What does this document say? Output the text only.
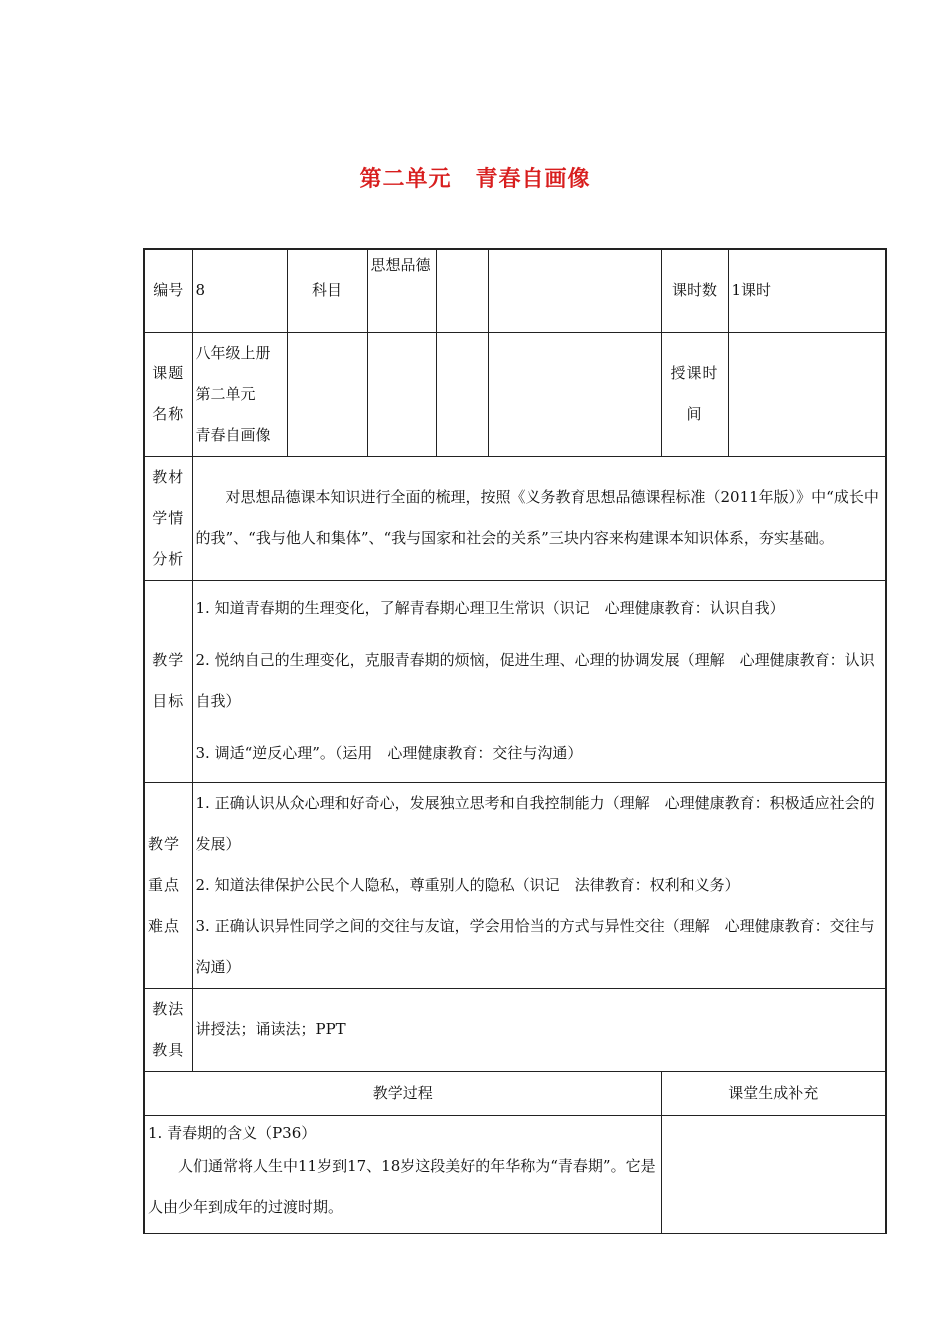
第二单元 青春自画像
编号	8	科目	思想品德			课时数	1课时

课题
名称	八年级上册
第二单元
青春自画像					授课时
间	

教材
学情
分析	对思想品德课本知识进行全面的梳理，按照《义务教育思想品德课程标准（2011年版）》中“成长中的我”、“我与他人和集体”、“我与国家和社会的关系”三块内容来构建课本知识体系，夯实基础。						

教学
目标	1. 知道青春期的生理变化，了解青春期心理卫生常识（识记　心理健康教育：认识自我）
2. 悦纳自己的生理变化，克服青春期的烦恼，促进生理、心理的协调发展（理解　心理健康教育：认识自我）
3. 调适“逆反心理”。（运用　心理健康教育：交往与沟通）						

教学
重点
难点	1. 正确认识从众心理和好奇心，发展独立思考和自我控制能力（理解　心理健康教育：积极适应社会的发展）
2. 知道法律保护公民个人隐私，尊重别人的隐私（识记　法律教育：权利和义务）
3. 正确认识异性同学之间的交往与友谊，学会用恰当的方式与异性交往（理解　心理健康教育：交往与沟通）						

教法
教具	讲授法；诵读法；PPT						
教学过程						课堂生成补充	

1. 青春期的含义（P36）
人们通常将人生中11岁到17、18岁这段美好的年华称为“青春期”。它是人由少年到成年的过渡时期。							
